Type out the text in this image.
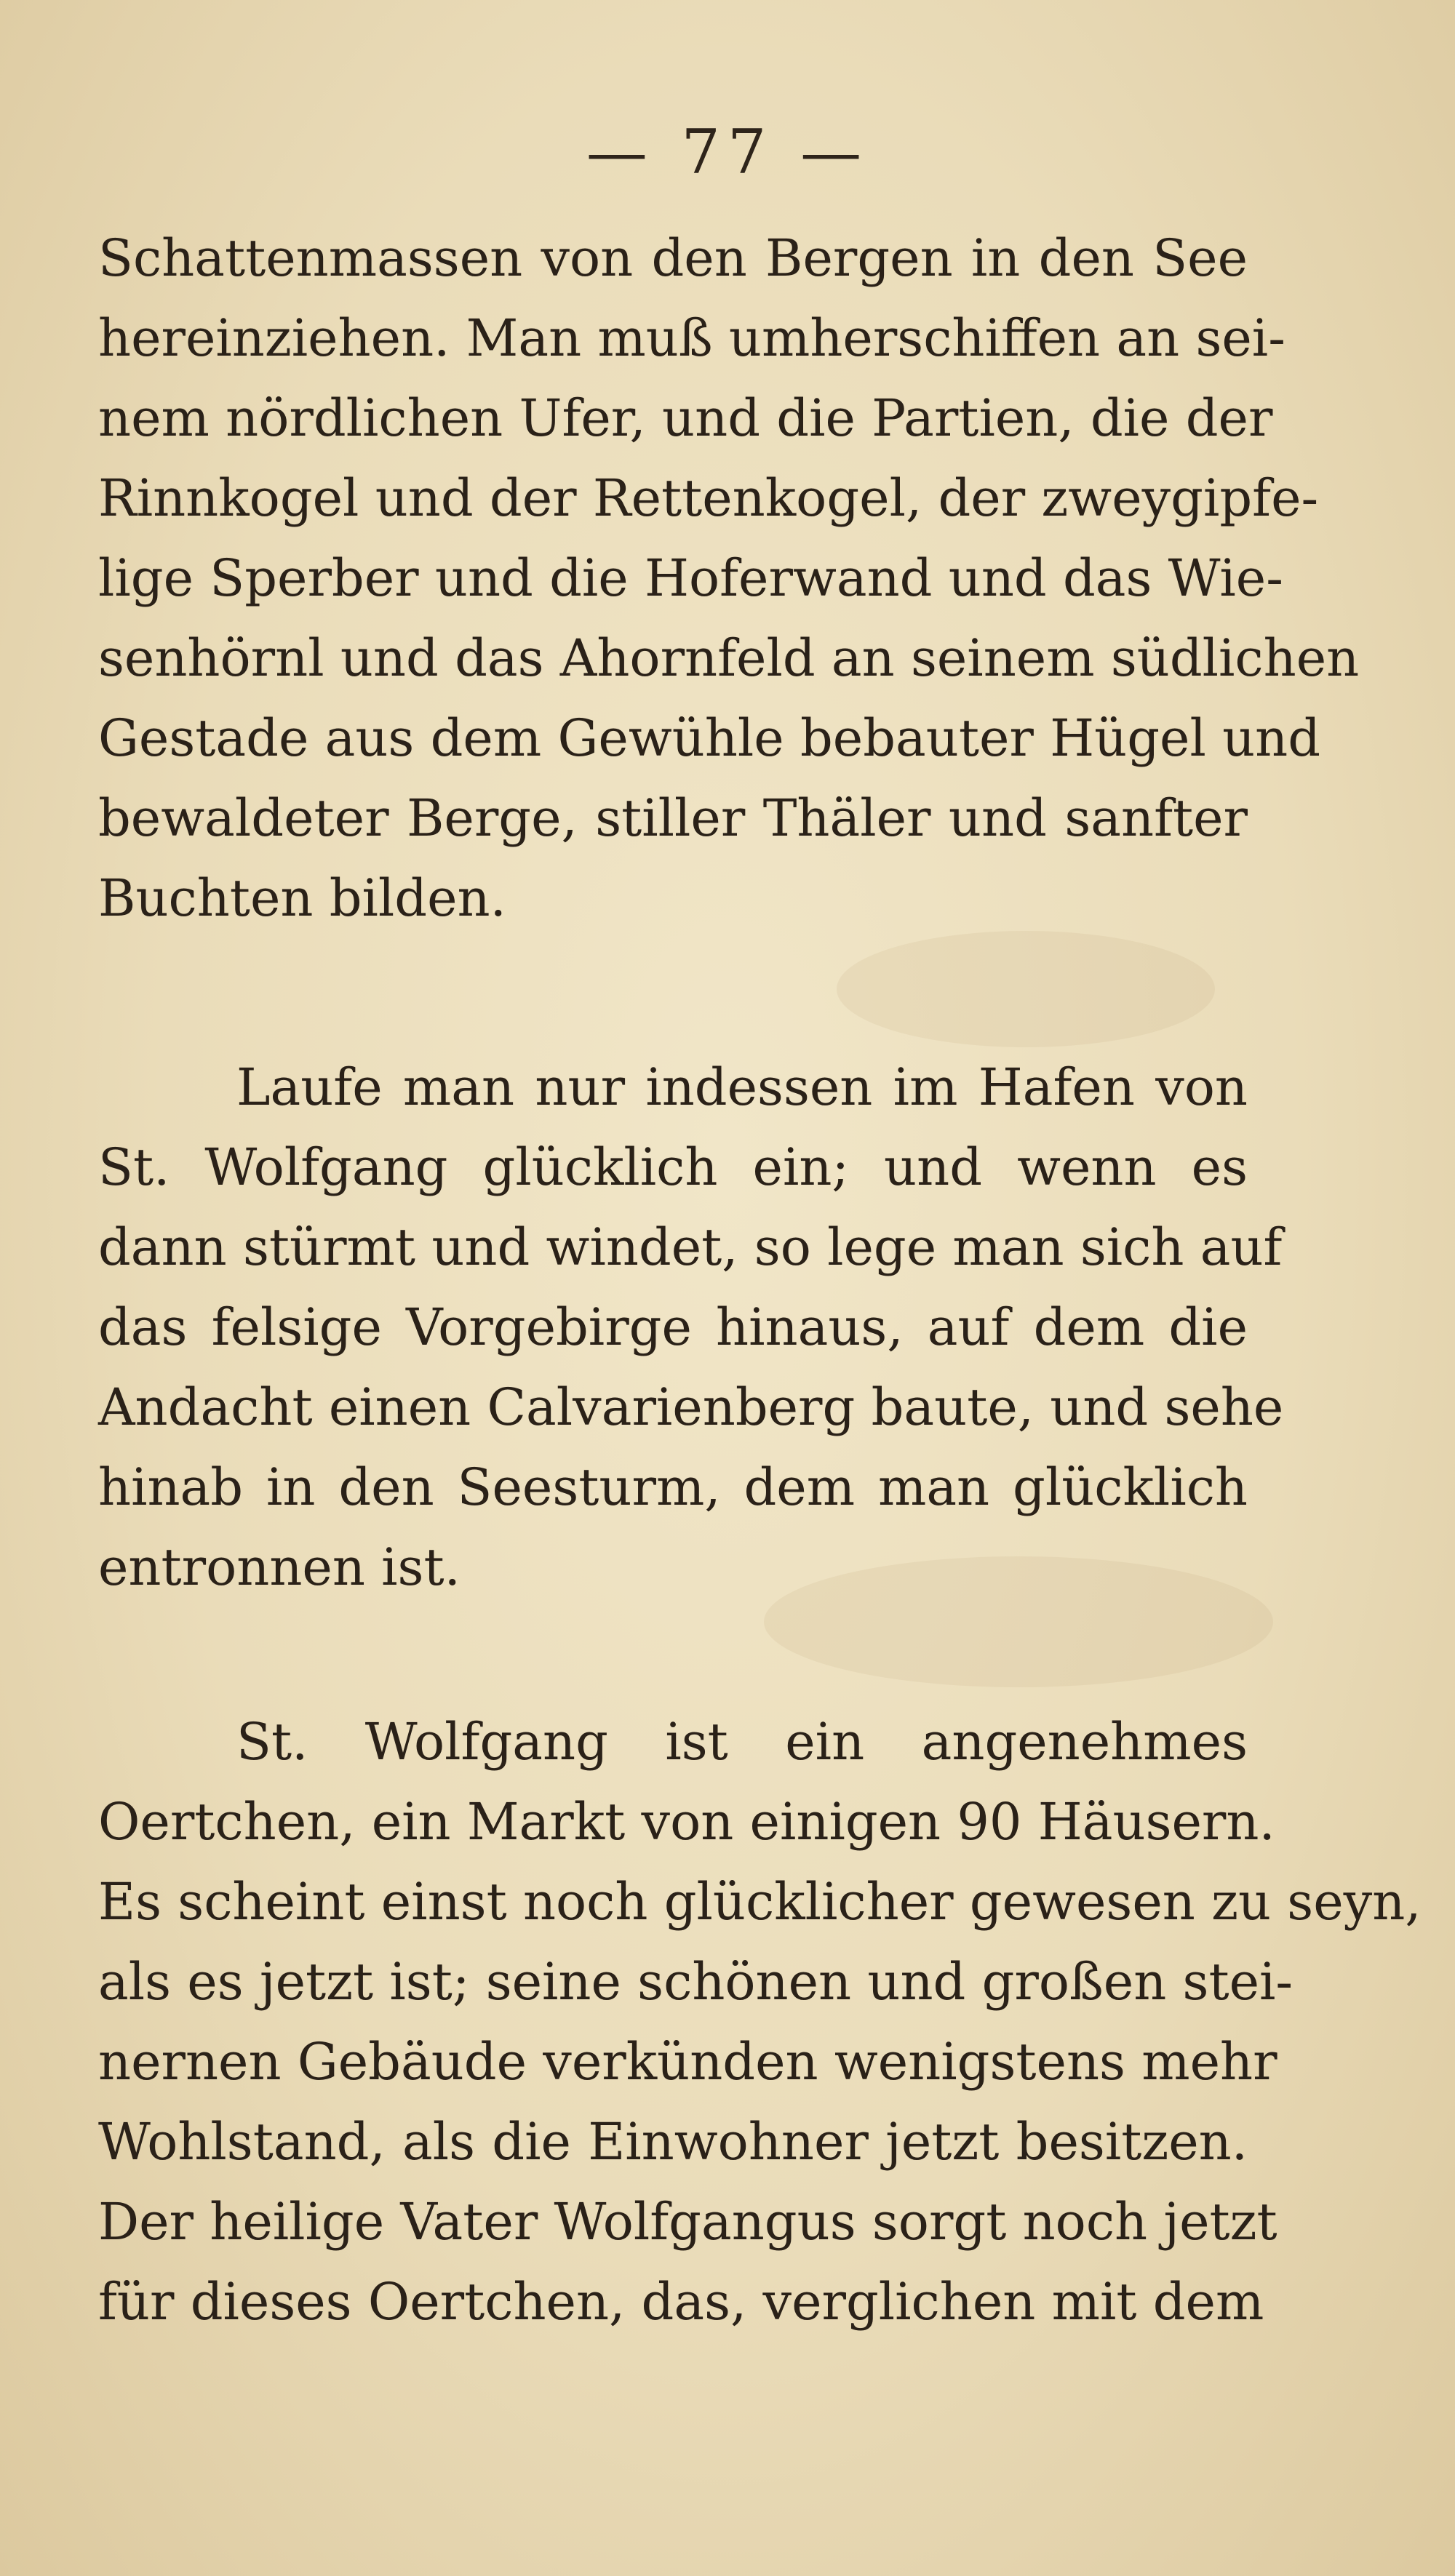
— 77 —
Schattenmassen von den Bergen in den See
hereinziehen. Man muß umherschiffen an sei-
nem nördlichen Ufer, und die Partien, die der
Rinnkogel und der Rettenkogel, der zweygipfe-
lige Sperber und die Hoferwand und das Wie-
senhörnl und das Ahornfeld an seinem südlichen
Gestade aus dem Gewühle bebauter Hügel und
bewaldeter Berge, stiller Thäler und sanfter
Buchten bilden.
Laufe man nur indessen im Hafen von
St. Wolfgang glücklich ein; und wenn es
dann stürmt und windet, so lege man sich auf
das felsige Vorgebirge hinaus, auf dem die
Andacht einen Calvarienberg baute, und sehe
hinab in den Seesturm, dem man glücklich
entronnen ist.
St. Wolfgang ist ein angenehmes
Oertchen, ein Markt von einigen 90 Häusern.
Es scheint einst noch glücklicher gewesen zu seyn,
als es jetzt ist; seine schönen und großen stei-
nernen Gebäude verkünden wenigstens mehr
Wohlstand, als die Einwohner jetzt besitzen.
Der heilige Vater Wolfgangus sorgt noch jetzt
für dieses Oertchen, das, verglichen mit dem
